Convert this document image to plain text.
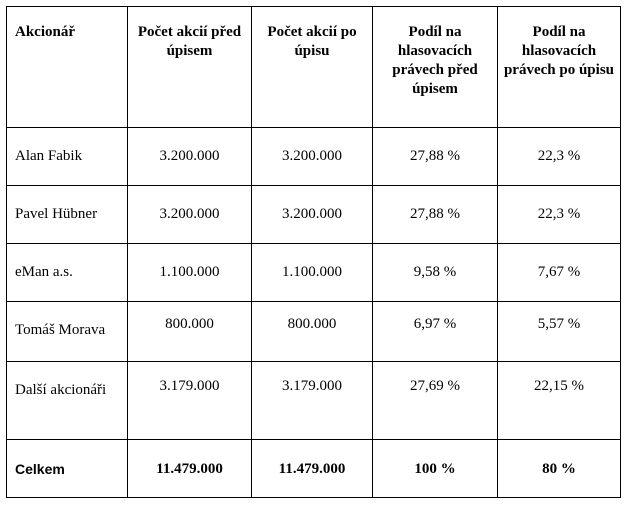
Akcionář	Počet akcií před úpisem	Počet akcií po úpisu	Podíl na hlasovacích právech před úpisem	Podíl na hlasovacích právech po úpisu
Alan Fabik	3.200.000	3.200.000	27,88 %	22,3 %
Pavel Hübner	3.200.000	3.200.000	27,88 %	22,3 %
eMan a.s.	1.100.000	1.100.000	9,58 %	7,67 %
Tomáš Morava	800.000	800.000	6,97 %	5,57 %
Další akcionáři	3.179.000	3.179.000	27,69 %	22,15 %
Celkem	11.479.000	11.479.000	100 %	80 %
